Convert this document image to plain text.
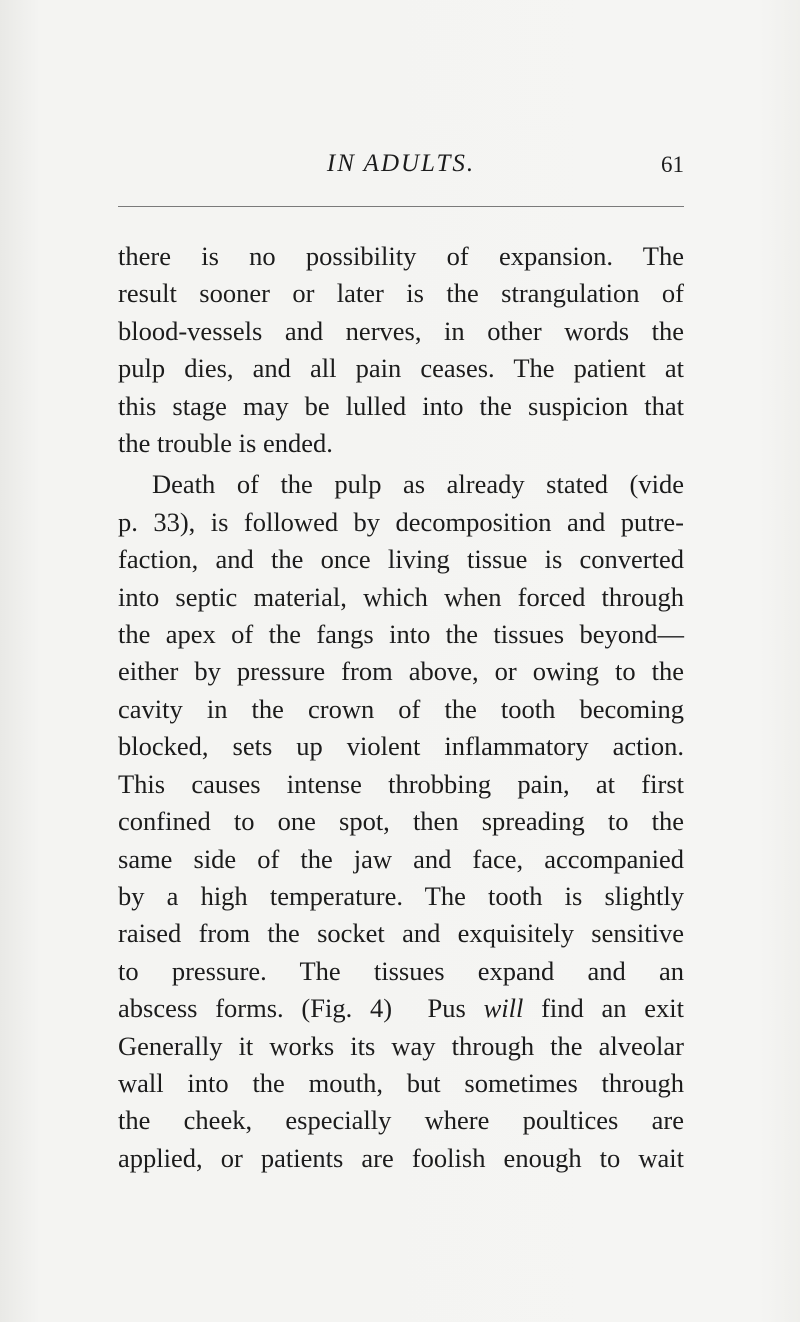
IN ADULTS.	61

there is no possibility of expansion. The
result sooner or later is the strangulation of
blood-vessels and nerves, in other words the
pulp dies, and all pain ceases. The patient at
this stage may be lulled into the suspicion that
the trouble is ended.

Death of the pulp as already stated (vide
p. 33), is followed by decomposition and putre-
faction, and the once living tissue is converted
into septic material, which when forced through
the apex of the fangs into the tissues beyond—
either by pressure from above, or owing to the
cavity in the crown of the tooth becoming
blocked, sets up violent inflammatory action.
This causes intense throbbing pain, at first
confined to one spot, then spreading to the
same side of the jaw and face, accompanied
by a high temperature. The tooth is slightly
raised from the socket and exquisitely sensitive
to pressure. The tissues expand and an
abscess forms. (Fig. 4) Pus will find an exit
Generally it works its way through the alveolar
wall into the mouth, but sometimes through
the cheek, especially where poultices are
applied, or patients are foolish enough to wait
